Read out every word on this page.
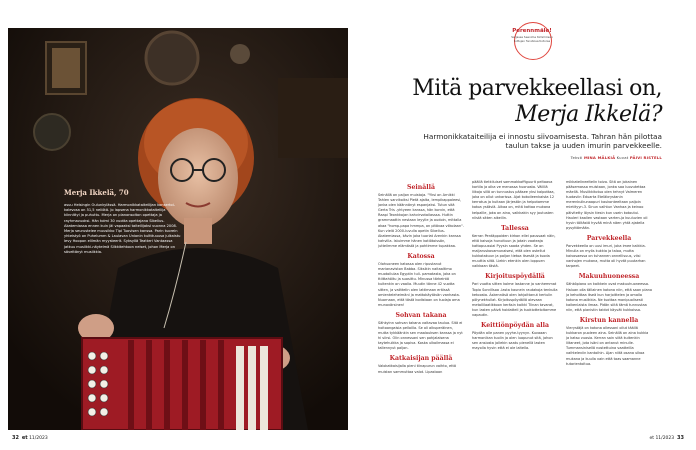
Merja Ikkelä, 70
asuu Helsingin Oulunkylässä. Harmonikkataiteilijan konsertoi-kalevosa on 51,5 neliötä. Jo lapsena harmonikkataiteilija kiinnittyi ja puhuttu. Merja on pianonsoiton opettaja ja rayhmavuoksi. Hän toimi 30 vuotta opettajana Sibelius-Akatemiassa ennen kuin jäi vapaaksi taiteilijaksi vuonna 2008. Merja seurustelee muusikko Tipi Tuovisen kanssa. Parin tuorein yhteistyö on Puhelumm & Laulavan Unionin kultttuuusa julkaistu levy Hoopon elilmän myysteerit. Syksyllä Teatteri Vantaassa jatkuu musiikki-näytelmä Silkkitehtoon neiset, johon Merja on säveltänyt musiikkia.
32 et 11/2023
Perennmäle!
Sarjassa Seenime tämmöisen tuttujen fonstiosa tiotorsa
Mitä parvekkeellasi on,
Merja Ikkelä?
Harmonikkataiteilija ei innostu siivoamisesta. Tahran hän pilottaa taulun takse ja uuden imurin parvekkeelle.
Teksti MINA MÄLKIÄ Kuvat PÄIVI RISTELL
Seinällä

Seinällä on paljon muistoja. "Yksi on Arnikki Tahlen sarvikoiksi Pietä ajalta, lempikappaleesi, jonka olen käännänyt espanjaksi. Tutun sitä Gerta Tris -yhtyeen kanssa, hän korvin, että Raapi Teonkkojan kahvirvotailasssa. Huttin grammaattin nestaan leyylle ja oudoin, mittalla akaa "homp-papa hmmpa, on pitävaa viikolaan". Kun vielä 2000-luvulla opetin Sibelius-Akatemiassa, kävin joka tuoriat Arenkin kanssa kahvilla. Istuimme hänen kotiötoissän, juttelimme elämästä ja pohtimme tupakkaa.

Katossa

Olohuoneen katossa olen ripustanut marianaviston Babba. Siksikin naitaaltimo muotoilulaa Egyptin tuli- pamatasta, joka on ttiittahöitu ja suosittu. Minussa tärkeintä kuitenkin on vaalia. Muutin tänne 42 vuotta sitten, ja valittelin olen lattimaan eräissä omienteleheimäni ja mattokäytävän vanhasta. Nuornaan, että tästä kodistaan on tuolaja oma munovärsinen!

Sohvan takana

Sähkyinn sohvan takana valtavaa taulua. Sitä ei hoitoongaisia pelloilla. Se oli alkuperäinen, mutta tykkäänkin sen maalauksen kanssa ja nyt hi siirsi. Olin onnessani sen pohjalaisena taytehuikka ja sopiva. Koska ulkoilmassa ei tallennyut paljon.

Katkaisijan päällä

Valokatkaisijalla pieni tiinapurun vaihto, että muistan sammuttaa valot. Lipastoon

päällä tietkiluiset sammakkoffiguurit peltaava kortila ja olka ve menossa huonosta. Välillä liikoja sillä on tunnustus pääsee yksi kalpottaa, joka on ollut unkarissa. Ajat kokoileenkaista 12 kerratua ja kuitaan järjestön ja helpotamme kotoa ystäviä. Aikaa on, mitä kattaa mukana kelpallle, joka on aina, vaikkakin syy joutusten niistä sitten aikeilin.

Tallessa

Kerran Pentäppoiden kirkon ellei paussaat näin, että kaivoja hunoituun ja jotain vaateaja kattopuussiai Pyysin saada yhden. Se on maljaruskovamunaisesi, että olen ostellut kukkotakuun ja paljon tietoa itsestä ja tuoda muuttia siitä. Liekin etenkin olen loppuen vaikkaan tästä.

Kirjoituspöydällä

Pari vuotta sitten kolme lastanne ja vanhemmat Topio Sorvillsoa -lasta kaunein rautakoja tenkulla ketoosta. Äskennäsä olen lahjoittanut kertulin pölynekhullat. Kirjoituspöydällä olevaan metallilaatikkoon keräsin kaikki Tiinan tavarat, kun lasten päivä hoidatteli ja tuokiotteloitamme vapautin.

Keittiönpöydän alla

Pöydän alle panen pyyhe-tyynyn. Kuvaaan harmonikan tuolin ja olen luopunut sitä, johon sen ansiosta jollekin saatu pienellä lasten mayolla hyvin että ei ole laitella.

mikkatelineeltelin toivo. Sitä on jokainen pääsemassa muistaan, jonka saa luovutettaa mäellä. Musiikkitotuo olen tehnyt Valmeren tuotaviin Eduarta Eteläbrystanin merenkulkunaapuri kaukonteeltaan paljoin mietityyn.3. Sinun vaihtun Vanhaa ja keinoo päivitetty löysin tiesin kun usein kotoutui. Hauleri kaalien vastaan varten-ja kuuluvien oli hyvin töltästä hyvää minä näen yhtä ajatella pysyttämään.

Parvekkeella

Parvekkeella on uusi imuri, joka imee kaikkia. Minulla on myös kukkia ja taloa, mutta kaivosaessa on tuhannen onnellisuus, viisi vanhojen mukana, mutta oli hyvät puutarhan tarpeet.

Makuuhuoneessa

Sähköpiano on kaikkein ovat makuuhuoneessa. Haluan olla tällainen kotona niin, että saan piano ja kehoittaa itseä kun harjoittelen ja omalla kotona musiikkia. Ne tuottaa monipuolisesti kaikenlaista ilmaa. Pidän siitä tämä tunnustaa niin, että pianistin taidot käyvät kukkoissa.

Kirstun kannella

Vierystäjä on kotona ollessani ollut täällä kukkaron puoleen aina. Seinällä on aina kukkia ja katso vuosia. Kerran sain siitä kuitenkin liitaneet, jota isäni on antanut minulle. Tummansinisellä nostettuina vaatteilla vaihteleviin kantoihin. Ajan niitä osana ulkoa mukana ja kuulla vain että taas saamanne tutorientoitua.

et 11/2023 33
